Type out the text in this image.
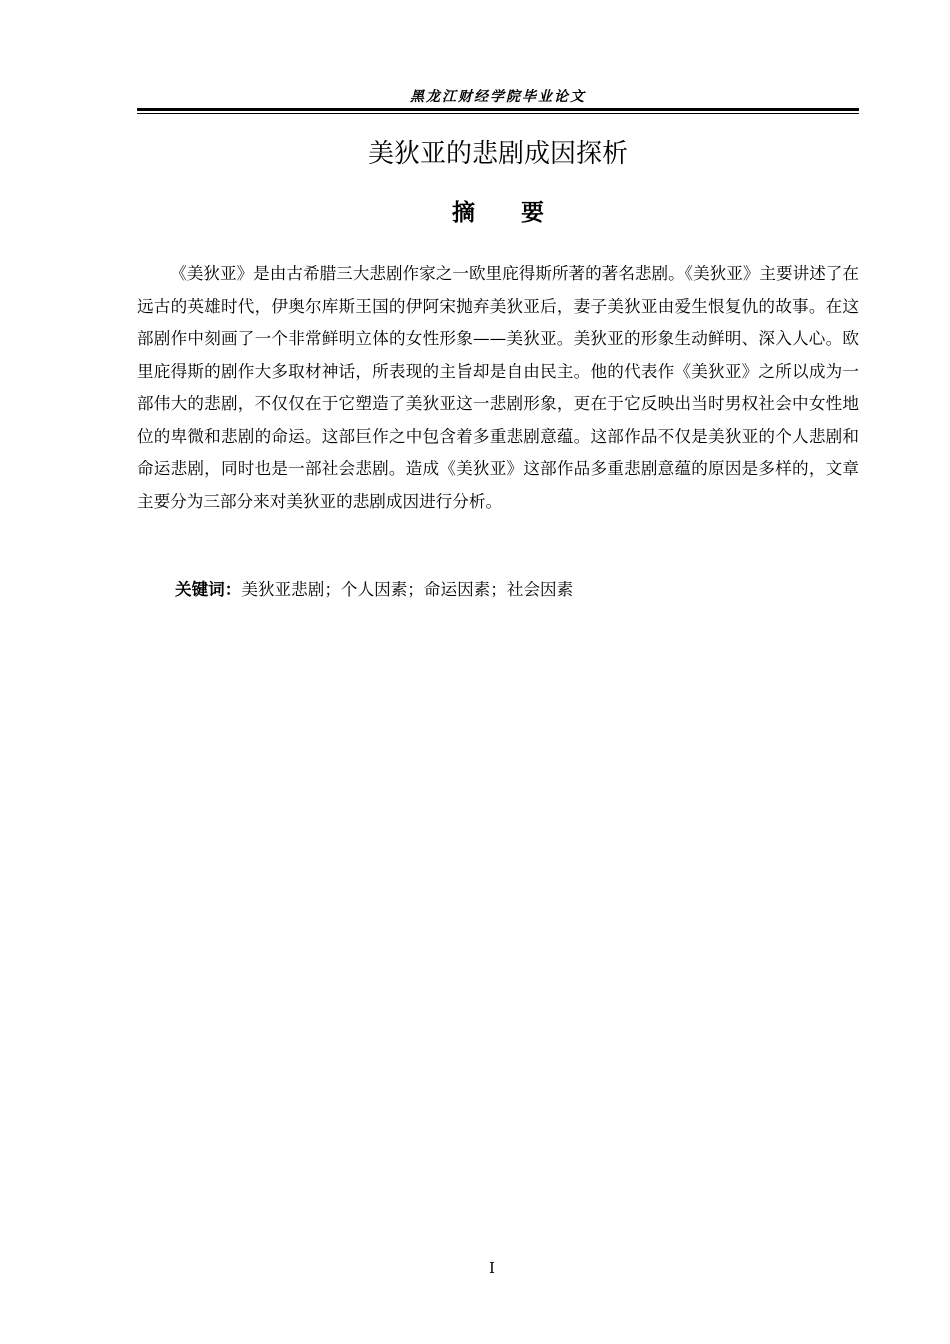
黑龙江财经学院毕业论文
美狄亚的悲剧成因探析
摘　　要

《美狄亚》是由古希腊三大悲剧作家之一欧里庇得斯所著的著名悲剧。《美狄亚》主要讲述了在远古的英雄时代，伊奥尔库斯王国的伊阿宋抛弃美狄亚后，妻子美狄亚由爱生恨复仇的故事。在这部剧作中刻画了一个非常鲜明立体的女性形象——美狄亚。美狄亚的形象生动鲜明、深入人心。欧里庇得斯的剧作大多取材神话，所表现的主旨却是自由民主。他的代表作《美狄亚》之所以成为一部伟大的悲剧，不仅仅在于它塑造了美狄亚这一悲剧形象，更在于它反映出当时男权社会中女性地位的卑微和悲剧的命运。这部巨作之中包含着多重悲剧意蕴。这部作品不仅是美狄亚的个人悲剧和命运悲剧，同时也是一部社会悲剧。造成《美狄亚》这部作品多重悲剧意蕴的原因是多样的，文章主要分为三部分来对美狄亚的悲剧成因进行分析。

关键词：美狄亚悲剧；个人因素；命运因素；社会因素
I
